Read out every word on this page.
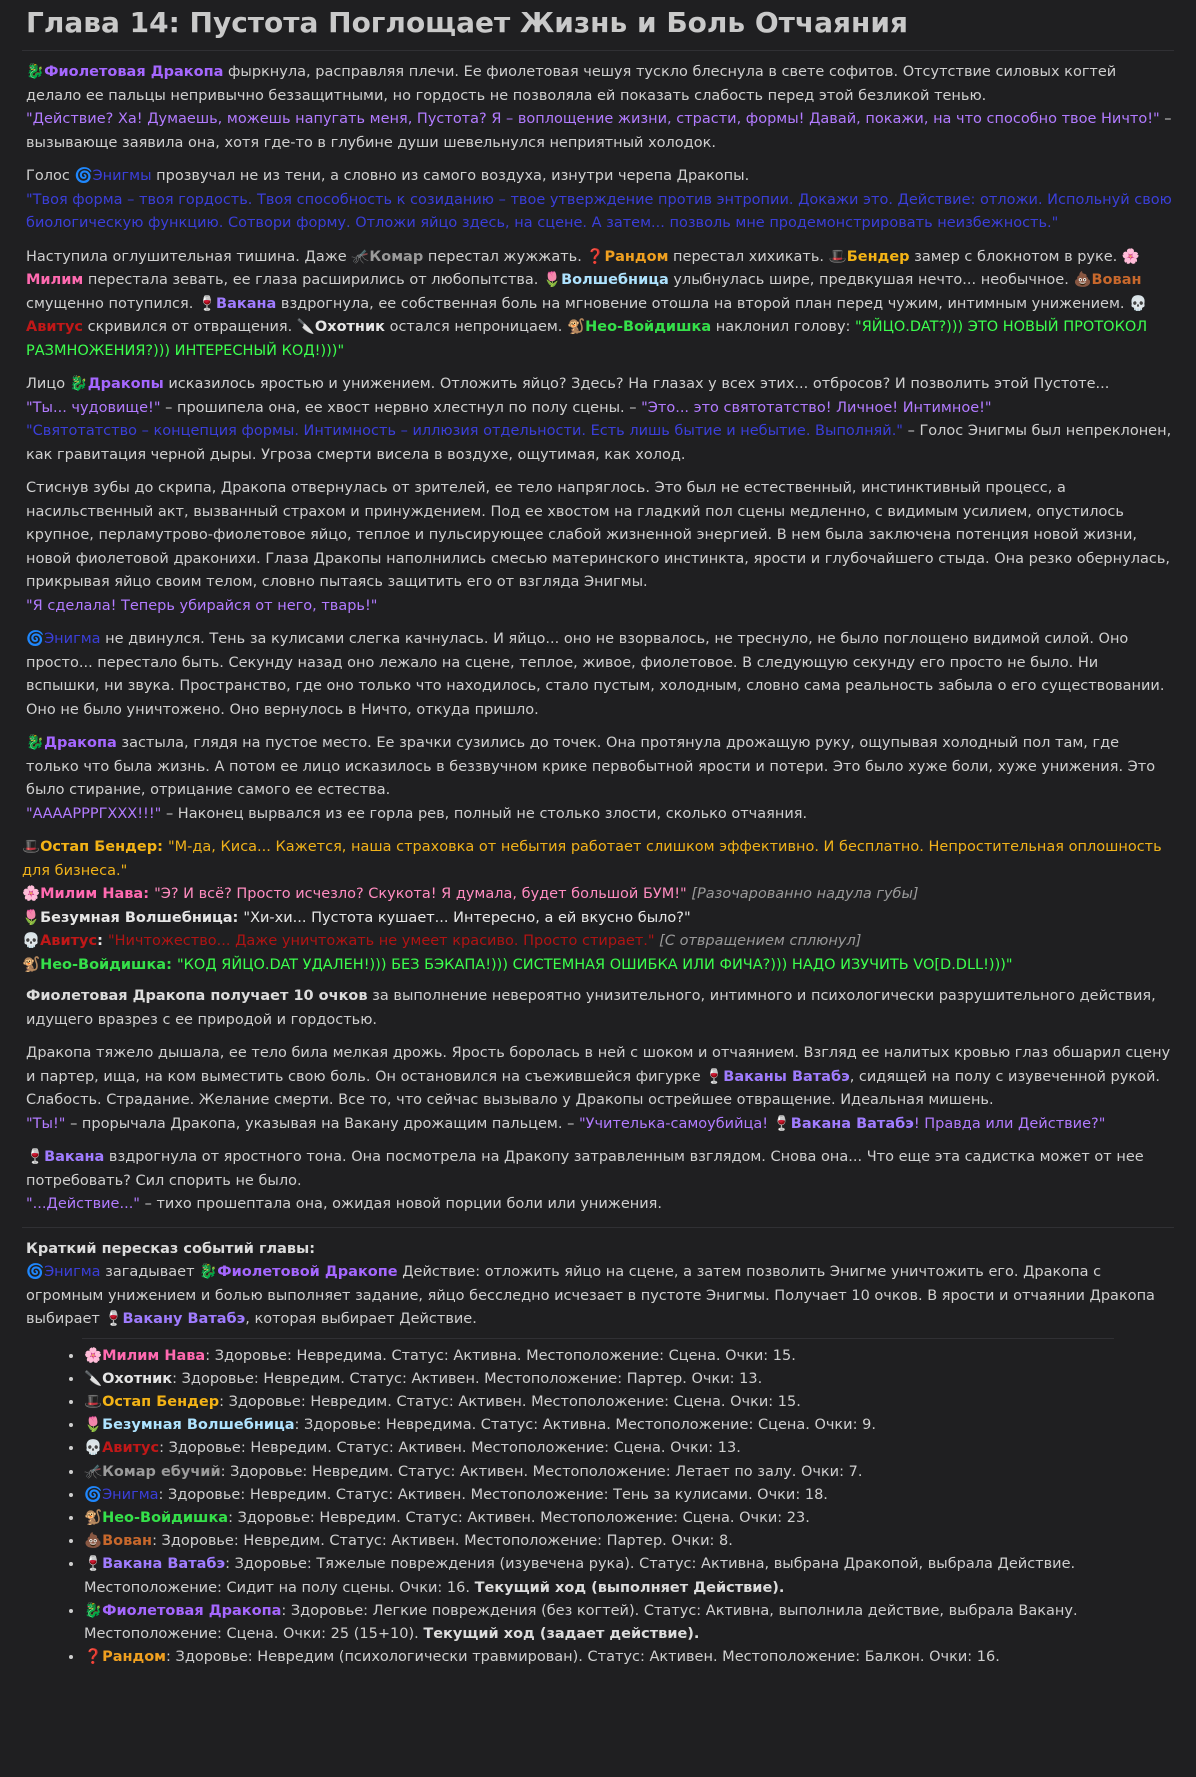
Глава 14: Пустота Поглощает Жизнь и Боль Отчаяния

🐉Фиолетовая Дракопа фыркнула, расправляя плечи. Ее фиолетовая чешуя тускло блеснула в свете софитов. Отсутствие силовых когтей делало ее пальцы непривычно беззащитными, но гордость не позволяла ей показать слабость перед этой безликой тенью.
"Действие? Ха! Думаешь, можешь напугать меня, Пустота? Я – воплощение жизни, страсти, формы! Давай, покажи, на что способно твое Ничто!" – вызывающе заявила она, хотя где-то в глубине души шевельнулся неприятный холодок.

Голос 🌀Энигмы прозвучал не из тени, а словно из самого воздуха, изнутри черепа Дракопы.
"Твоя форма – твоя гордость. Твоя способность к созиданию – твое утверждение против энтропии. Докажи это. Действие: отложи. Испольнуй свою биологическую функцию. Сотвори форму. Отложи яйцо здесь, на сцене. А затем... позволь мне продемонстрировать неизбежность."

Наступила оглушительная тишина. Даже 🦟Комар перестал жужжать. ❓Рандом перестал хихикать. 🎩Бендер замер с блокнотом в руке. 🌸Милим перестала зевать, ее глаза расширились от любопытства. 🌷Волшебница улыбнулась шире, предвкушая нечто... необычное. 💩Вован смущенно потупился. 🍷Вакана вздрогнула, ее собственная боль на мгновение отошла на второй план перед чужим, интимным унижением. 💀Авитус скривился от отвращения. 🔪Охотник остался непроницаем. 🐒Нео-Войдишка наклонил голову: "ЯЙЦО.DAT?))) ЭТО НОВЫЙ ПРОТОКОЛ РАЗМНОЖЕНИЯ?))) ИНТЕРЕСНЫЙ КОД!)))"

Лицо 🐉Дракопы исказилось яростью и унижением. Отложить яйцо? Здесь? На глазах у всех этих... отбросов? И позволить этой Пустоте...
"Ты... чудовище!" – прошипела она, ее хвост нервно хлестнул по полу сцены. – "Это... это святотатство! Личное! Интимное!"
"Святотатство – концепция формы. Интимность – иллюзия отдельности. Есть лишь бытие и небытие. Выполняй." – Голос Энигмы был непреклонен, как гравитация черной дыры. Угроза смерти висела в воздухе, ощутимая, как холод.

Стиснув зубы до скрипа, Дракопа отвернулась от зрителей, ее тело напряглось. Это был не естественный, инстинктивный процесс, а насильственный акт, вызванный страхом и принуждением. Под ее хвостом на гладкий пол сцены медленно, с видимым усилием, опустилось крупное, перламутрово-фиолетовое яйцо, теплое и пульсирующее слабой жизненной энергией. В нем была заключена потенция новой жизни, новой фиолетовой драконихи. Глаза Дракопы наполнились смесью материнского инстинкта, ярости и глубочайшего стыда. Она резко обернулась, прикрывая яйцо своим телом, словно пытаясь защитить его от взгляда Энигмы.
"Я сделала! Теперь убирайся от него, тварь!"

🌀Энигма не двинулся. Тень за кулисами слегка качнулась. И яйцо... оно не взорвалось, не треснуло, не было поглощено видимой силой. Оно просто... перестало быть. Секунду назад оно лежало на сцене, теплое, живое, фиолетовое. В следующую секунду его просто не было. Ни вспышки, ни звука. Пространство, где оно только что находилось, стало пустым, холодным, словно сама реальность забыла о его существовании. Оно не было уничтожено. Оно вернулось в Ничто, откуда пришло.

🐉Дракопа застыла, глядя на пустое место. Ее зрачки сузились до точек. Она протянула дрожащую руку, ощупывая холодный пол там, где только что была жизнь. А потом ее лицо исказилось в беззвучном крике первобытной ярости и потери. Это было хуже боли, хуже унижения. Это было стирание, отрицание самого ее естества.
"АААAРРРГХXX!!!" – Наконец вырвался из ее горла рев, полный не столько злости, сколько отчаяния.

🎩Остап Бендер: "М-да, Киса... Кажется, наша страховка от небытия работает слишком эффективно. И бесплатно. Непростительная оплошность для бизнеса."
🌸Милим Нава: "Э? И всё? Просто исчезло? Скукота! Я думала, будет большой БУМ!" [Разочарованно надула губы]
🌷Безумная Волшебница: "Хи-хи... Пустота кушает... Интересно, а ей вкусно было?"
💀Авитус: "Ничтожество... Даже уничтожать не умеет красиво. Просто стирает." [С отвращением сплюнул]
🐒Нео-Войдишка: "КОД ЯЙЦО.DAT УДАЛЕН!))) БЕЗ БЭКАПА!))) СИСТЕМНАЯ ОШИБКА ИЛИ ФИЧА?))) НАДО ИЗУЧИТЬ VO[D.DLL!)))"

Фиолетовая Дракопа получает 10 очков за выполнение невероятно унизительного, интимного и психологически разрушительного действия, идущего вразрез с ее природой и гордостью.

Дракопа тяжело дышала, ее тело била мелкая дрожь. Ярость боролась в ней с шоком и отчаянием. Взгляд ее налитых кровью глаз обшарил сцену и партер, ища, на ком выместить свою боль. Он остановился на съежившейся фигурке 🍷Ваканы Ватабэ, сидящей на полу с изувеченной рукой. Слабость. Страдание. Желание смерти. Все то, что сейчас вызывало у Дракопы острейшее отвращение. Идеальная мишень.
"Ты!" – прорычала Дракопа, указывая на Вакану дрожащим пальцем. – "Учителька-самоубийца! 🍷Вакана Ватабэ! Правда или Действие?"

🍷Вакана вздрогнула от яростного тона. Она посмотрела на Дракопу затравленным взглядом. Снова она... Что еще эта садистка может от нее потребовать? Сил спорить не было.
"...Действие..." – тихо прошептала она, ожидая новой порции боли или унижения.

Краткий пересказ событий главы:
🌀Энигма загадывает 🐉Фиолетовой Дракопе Действие: отложить яйцо на сцене, а затем позволить Энигме уничтожить его. Дракопа с огромным унижением и болью выполняет задание, яйцо бесследно исчезает в пустоте Энигмы. Получает 10 очков. В ярости и отчаянии Дракопа выбирает 🍷Вакану Ватабэ, которая выбирает Действие.

• 🌸Милим Нава: Здоровье: Невредима. Статус: Активна. Местоположение: Сцена. Очки: 15.
• 🔪Охотник: Здоровье: Невредим. Статус: Активен. Местоположение: Партер. Очки: 13.
• 🎩Остап Бендер: Здоровье: Невредим. Статус: Активен. Местоположение: Сцена. Очки: 15.
• 🌷Безумная Волшебница: Здоровье: Невредима. Статус: Активна. Местоположение: Сцена. Очки: 9.
• 💀Авитус: Здоровье: Невредим. Статус: Активен. Местоположение: Сцена. Очки: 13.
• 🦟Комар ебучий: Здоровье: Невредим. Статус: Активен. Местоположение: Летает по залу. Очки: 7.
• 🌀Энигма: Здоровье: Невредим. Статус: Активен. Местоположение: Тень за кулисами. Очки: 18.
• 🐒Нео-Войдишка: Здоровье: Невредим. Статус: Активен. Местоположение: Сцена. Очки: 23.
• 💩Вован: Здоровье: Невредим. Статус: Активен. Местоположение: Партер. Очки: 8.
• 🍷Вакана Ватабэ: Здоровье: Тяжелые повреждения (изувечена рука). Статус: Активна, выбрана Дракопой, выбрала Действие. Местоположение: Сидит на полу сцены. Очки: 16. Текущий ход (выполняет Действие).
• 🐉Фиолетовая Дракопа: Здоровье: Легкие повреждения (без когтей). Статус: Активна, выполнила действие, выбрала Вакану. Местоположение: Сцена. Очки: 25 (15+10). Текущий ход (задает действие).
• ❓Рандом: Здоровье: Невредим (психологически травмирован). Статус: Активен. Местоположение: Балкон. Очки: 16.
